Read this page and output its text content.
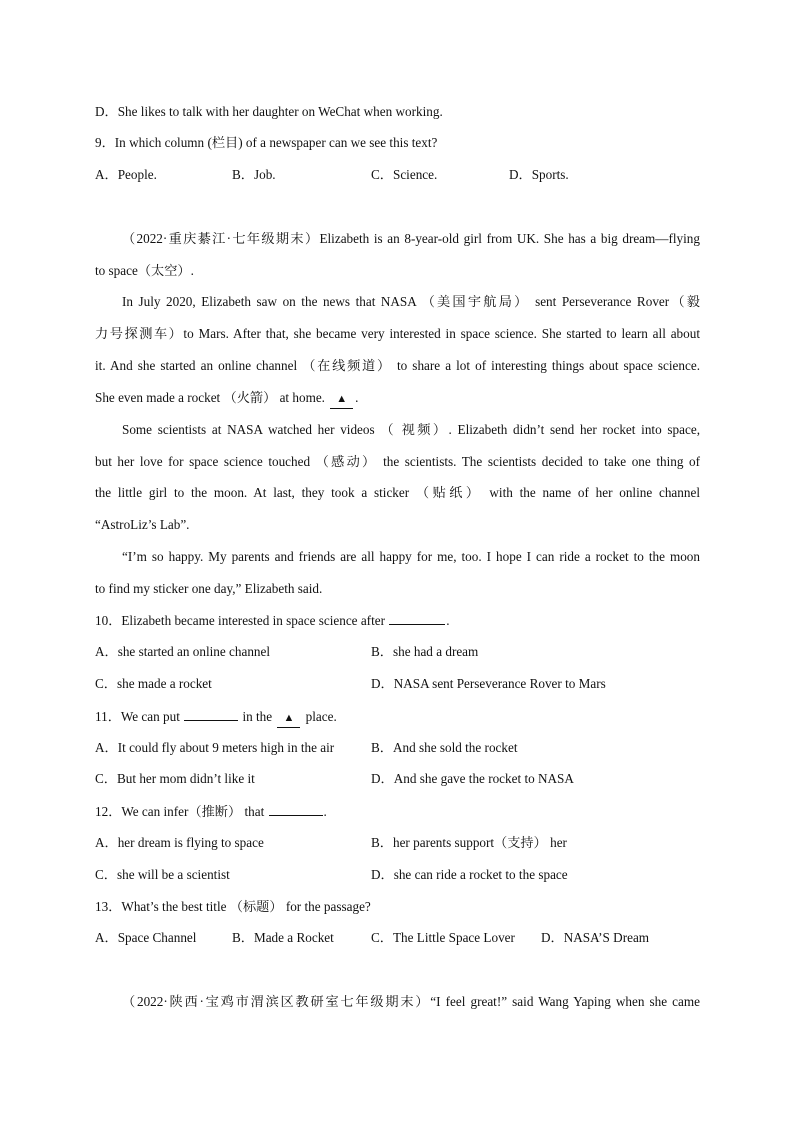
D．She likes to talk with her daughter on WeChat when working.
9．In which column (栏目) of a newspaper can we see this text?
A．People.	B．Job.	C．Science.	D．Sports.
（2022·重庆綦江·七年级期末）Elizabeth is an 8-year-old girl from UK. She has a big dream—flying
to space（太空）.
In July 2020, Elizabeth saw on the news that NASA （美国宇航局） sent Perseverance Rover（毅
力号探测车）to Mars. After that, she became very interested in space science. She started to learn all about
it. And she started an online channel （在线频道） to share a lot of interesting things about space science.
She even made a rocket （火箭） at home. ▲ .
Some scientists at NASA watched her videos （ 视频）. Elizabeth didn’t send her rocket into space,
but her love for space science touched （感动） the scientists. The scientists decided to take one thing of
the little girl to the moon. At last, they took a sticker （贴纸） with the name of her online channel
“AstroLiz’s Lab”.
“I’m so happy. My parents and friends are all happy for me, too. I hope I can ride a rocket to the moon
to find my sticker one day,” Elizabeth said.
10．Elizabeth became interested in space science after	.
A．she started an online channel	B．she had a dream
C．she made a rocket	D．NASA sent Perseverance Rover to Mars
11．We can put	in the ▲ place.
A．It could fly about 9 meters high in the air	B．And she sold the rocket
C．But her mom didn’t like it	D．And she gave the rocket to NASA
12．We can infer（推断） that	.
A．her dream is flying to space	B．her parents support（支持） her
C．she will be a scientist	D．she can ride a rocket to the space
13．What’s the best title （标题） for the passage?
A．Space Channel	B．Made a Rocket	C．The Little Space Lover D．NASA’S Dream
（2022·陕西·宝鸡市渭滨区教研室七年级期末）“I feel great!” said Wang Yaping when she came
